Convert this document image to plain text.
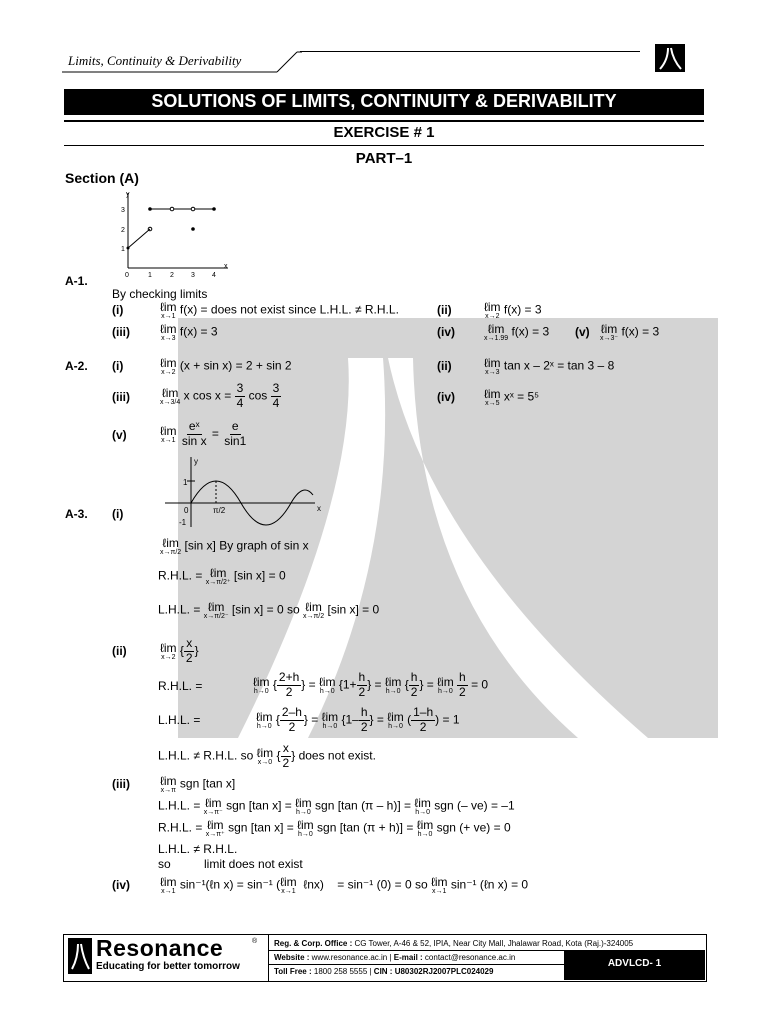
Limits, Continuity & Derivability
SOLUTIONS OF LIMITS, CONTINUITY & DERIVABILITY
EXERCISE # 1
PART–1
Section (A)
3
2
1
0	1	2 3 4
x
y
A-1.
By checking limits
(i)	ℓim
x→1 f(x) = does not exist since L.H.L. ≠ R.H.L.	(ii)	ℓim
x→2 f(x) = 3
(iii)	ℓim
x→3 f(x) = 3	(iv)	ℓim
x→1.99 f(x) = 3 (v) ℓim
x→3⁻ f(x) = 3
A-2. (i)	ℓim
x→2 (x + sin x) = 2 + sin 2	(ii)	ℓim
x→3 tan x – 2ˣ = tan 3 – 8
(iii)	ℓim
x→3/4 x $\cos x = \frac{3}{4}$ $\cos \frac{3}{4}$	(iv) ℓim
x→5 xˣ = 5⁵
(v)	ℓim
x→1
$\frac{\text{eˣ}}{\text{sin x}} = \frac{e}{\sin 1}$
y
1
0	π/2
-1
x
A-3. (i)
ℓim
x→π/2 [sin x] By graph of sin x
R.H.L. = ℓim
x→π/2⁺ [sin x] = 0
L.H.L. = ℓim
x→π/2⁻ [sin x] = 0 so ℓim
x→π/2 [sin x] = 0
(ii)	ℓim
x→2 { $\frac{x}{2}$ }
R.H.L. =	ℓim
h→0 { $\frac{2+h}{2}$ } = ℓim
h→0 {$1+ \frac{h}{2}$ } = ℓim
h→0 { $\frac{h}{2}$ } = ℓim
h→0
$\frac{h}{2} = 0$
L.H.L. =	ℓim
h→0 { $\frac{2-h}{2}$ } = ℓim
h→0 {$1- \frac{h}{2}$ } = ℓim
h→0 ( $\frac{1-h}{2}$ ) = 1
L.H.L. ≠ R.H.L. so ℓim
x→0 { $\frac{x}{2}$ } does not exist.
(iii)	ℓim
x→π sgn [tan x]
L.H.L. = ℓim
x→π⁻ sgn [tan x] = ℓim
h→0 sgn [tan (π – h)] = ℓim
h→0 sgn (– ve) = –1
R.H.L. = ℓim
x→π⁺ sgn [tan x] = ℓim
h→0 sgn [tan (π + h)] = ℓim
h→0 sgn (+ ve) = 0
L.H.L. ≠ R.H.L.
so	limit does not exist
(iv)	ℓim
x→1 sin⁻¹(ℓn x) = sin⁻¹ ( ℓim
x→1 ℓnx)    = sin⁻¹ (0) = 0 so ℓim
x→1 sin⁻¹ (ℓn x) = 0
Resonance	®
Educating for better tomorrow
Reg. & Corp. Office : CG Tower, A-46 & 52, IPIA, Near City Mall, Jhalawar Road, Kota (Raj.)-324005
Website : www.resonance.ac.in | E-mail : contact@resonance.ac.in
Toll Free : 1800 258 5555 | CIN : U80302RJ2007PLC024029
ADVLCD- 1
